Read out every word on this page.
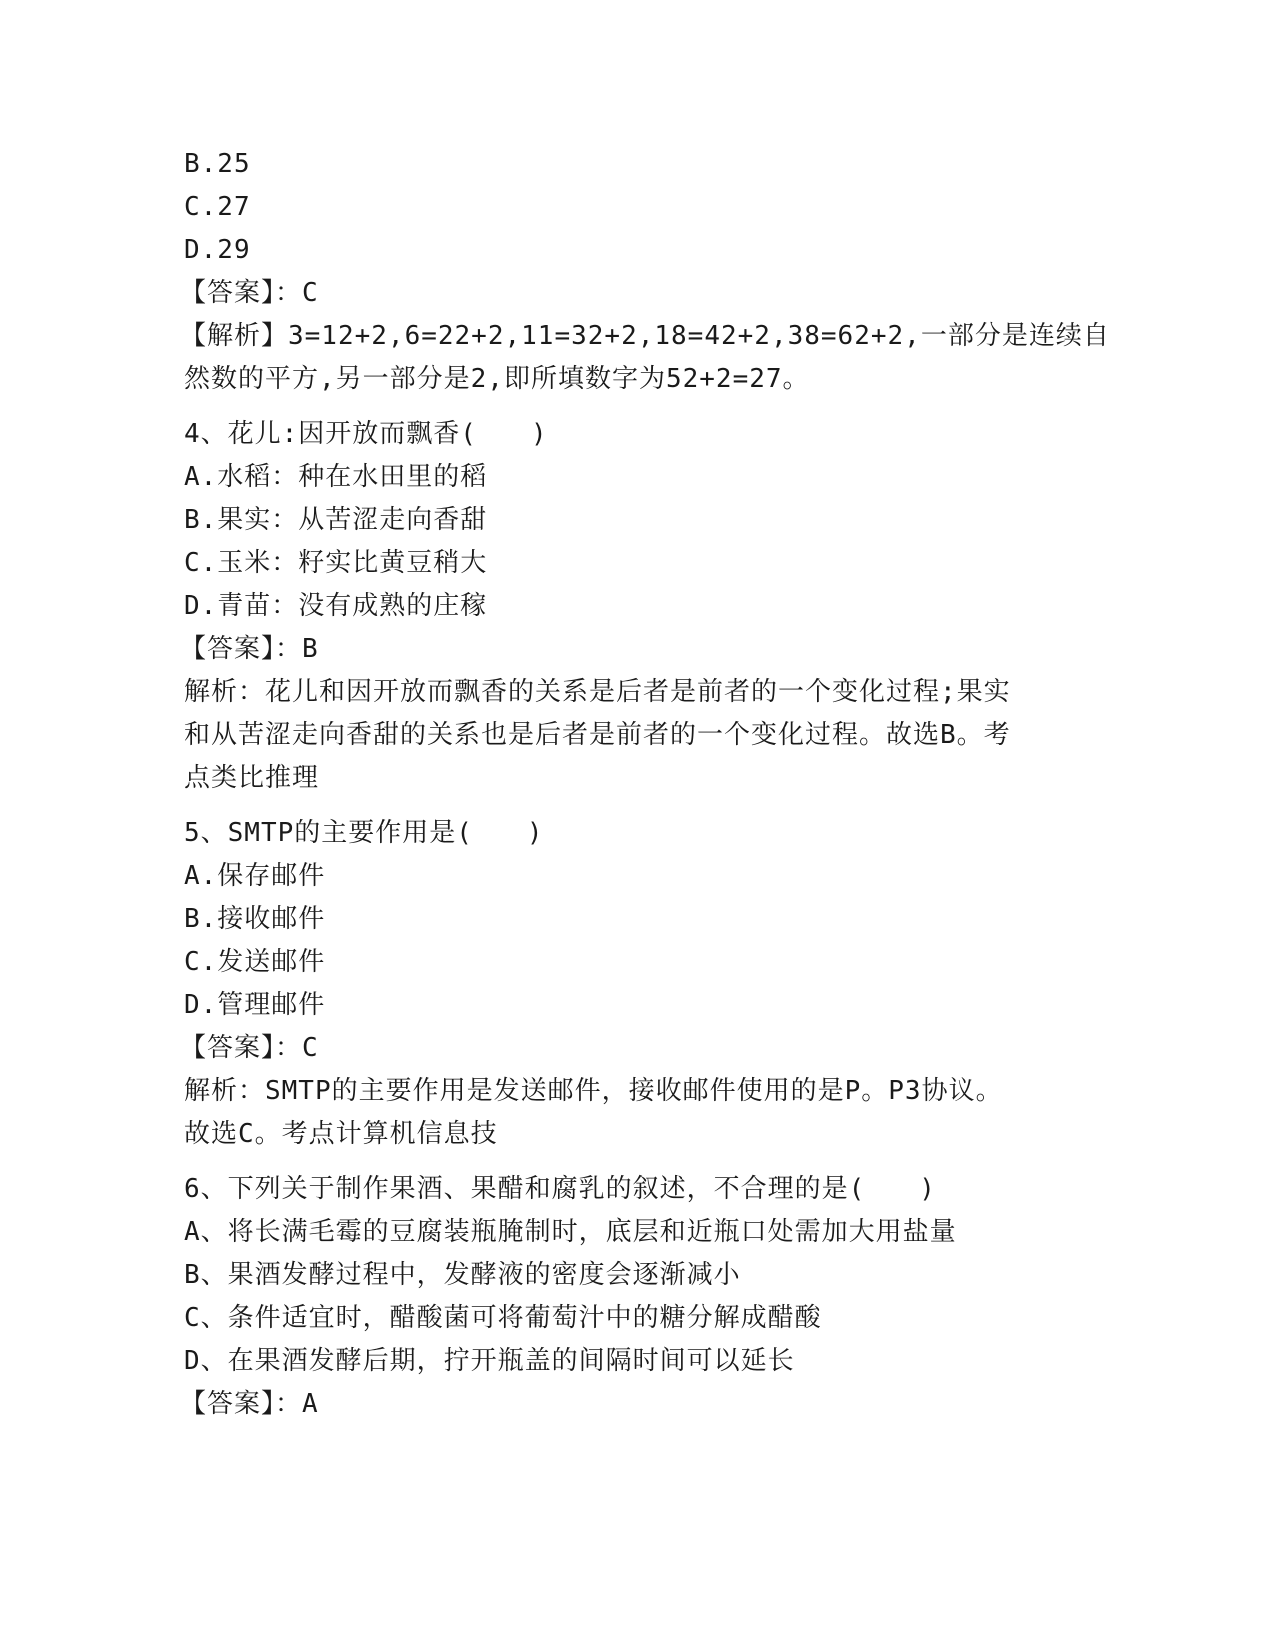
B.25
C.27
D.29
【答案】：C
【解析】3=12+2,6=22+2,11=32+2,18=42+2,38=62+2,一部分是连续自
然数的平方,另一部分是2,即所填数字为52+2=27。
4、花儿:因开放而飘香(　　)
A.水稻：种在水田里的稻
B.果实：从苦涩走向香甜
C.玉米：籽实比黄豆稍大
D.青苗：没有成熟的庄稼
【答案】：B
解析：花儿和因开放而飘香的关系是后者是前者的一个变化过程;果实
和从苦涩走向香甜的关系也是后者是前者的一个变化过程。故选B。考
点类比推理
5、SMTP的主要作用是(　　)
A.保存邮件
B.接收邮件
C.发送邮件
D.管理邮件
【答案】：C
解析：SMTP的主要作用是发送邮件，接收邮件使用的是P。P3协议。
故选C。考点计算机信息技
6、下列关于制作果酒、果醋和腐乳的叙述，不合理的是(　　)
A、将长满毛霉的豆腐装瓶腌制时，底层和近瓶口处需加大用盐量
B、果酒发酵过程中，发酵液的密度会逐渐减小
C、条件适宜时，醋酸菌可将葡萄汁中的糖分解成醋酸
D、在果酒发酵后期，拧开瓶盖的间隔时间可以延长
【答案】：A
